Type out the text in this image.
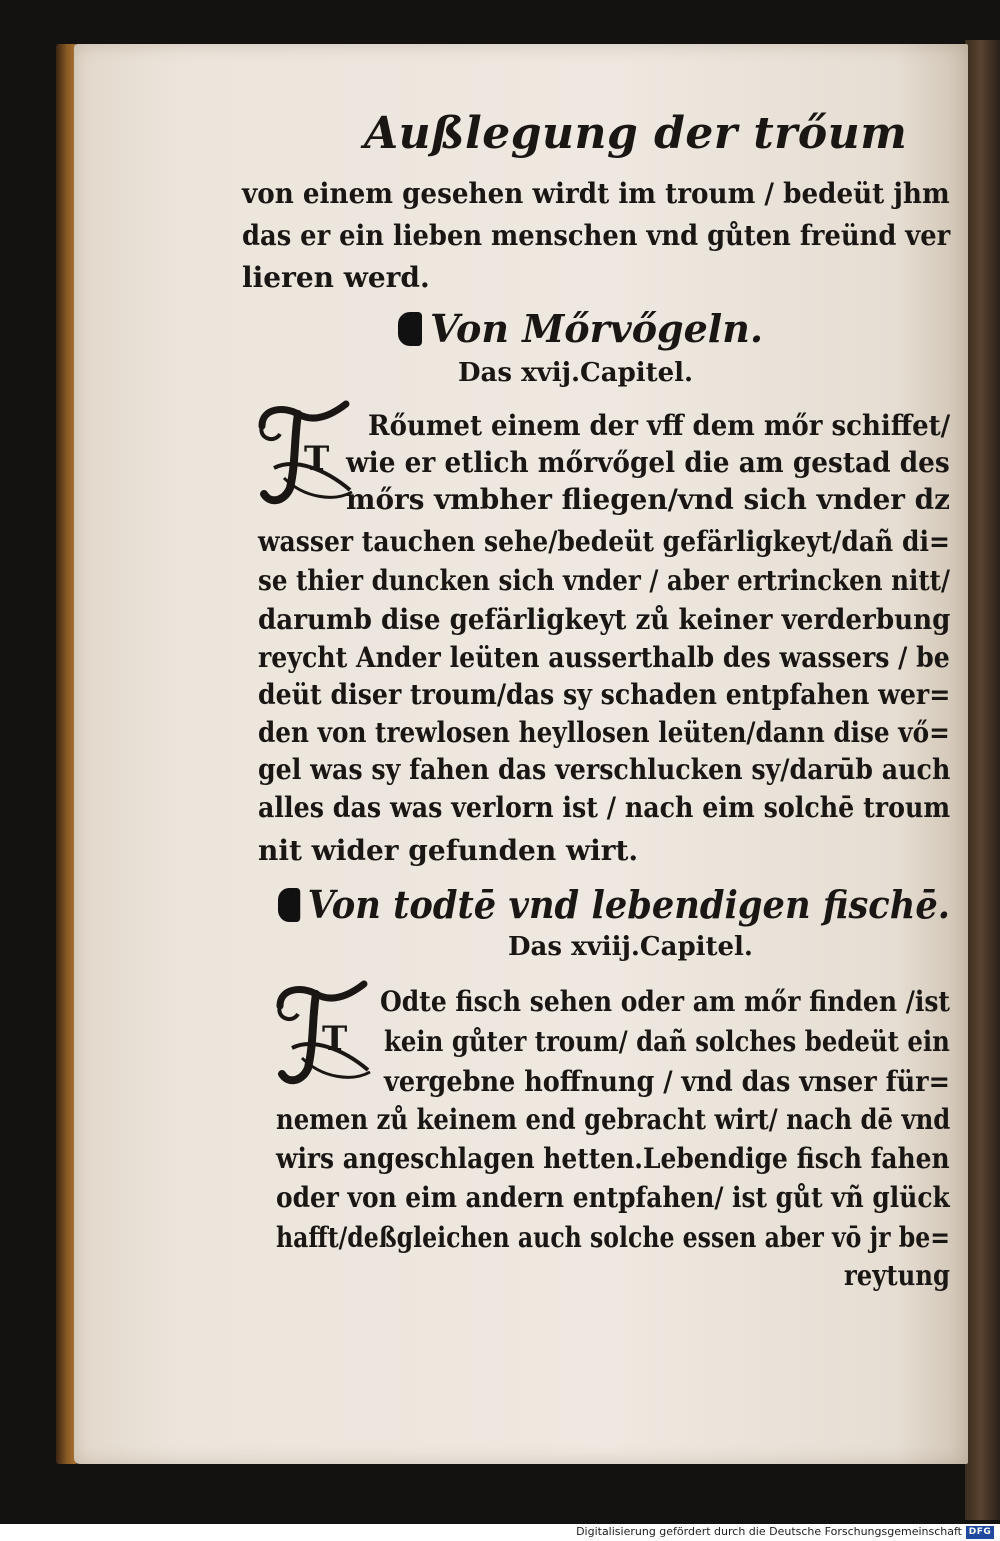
Außlegung der trőum
von einem gesehen wirdt im troum / bedeüt jhm
das er ein lieben menschen vnd gůten freünd ver
lieren werd.
Von Mőrvőgeln.
Das xvij.Capitel.
T
Rőumet einem der vff dem mőr schiffet/
wie er etlich mőrvőgel die am gestad des
mőrs vmbher fliegen/vnd sich vnder dz
wasser tauchen sehe/bedeüt gefärligkeyt/dañ di=
se thier duncken sich vnder / aber ertrincken nitt/
darumb dise gefärligkeyt zů keiner verderbung
reycht Ander leüten ausserthalb des wassers / be
deüt diser troum/das sy schaden entpfahen wer=
den von trewlosen heyllosen leüten/dann dise vő=
gel was sy fahen das verschlucken sy/darūb auch
alles das was verlorn ist / nach eim solchē troum
nit wider gefunden wirt.
Von todtē vnd lebendigen fischē.
Das xviij.Capitel.
T
Odte fisch sehen oder am mőr finden /ist
kein gůter troum/ dañ solches bedeüt ein
vergebne hoffnung / vnd das vnser für=
nemen zů keinem end gebracht wirt/ nach dē vnd
wirs angeschlagen hetten.Lebendige fisch fahen
oder von eim andern entpfahen/ ist gůt vñ glück
hafft/deßgleichen auch solche essen aber vō jr be=
reytung
Digitalisierung gefördert durch die Deutsche Forschungsgemeinschaft DFG
